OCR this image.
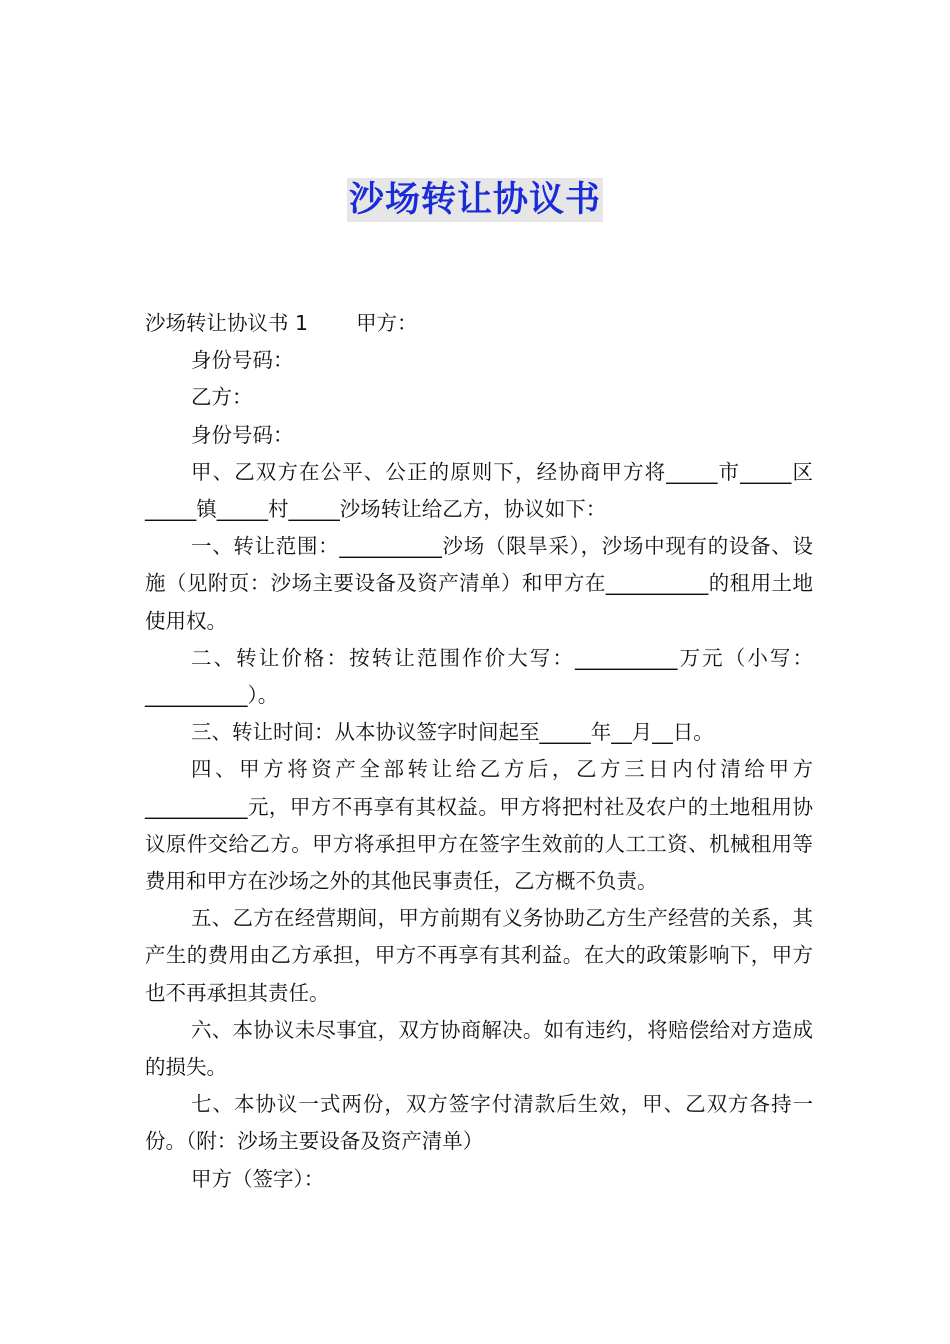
沙场转让协议书

沙场转让协议书 1 甲方：

身份号码：

乙方：

身份号码：

甲、乙双方在公平、公正的原则下，经协商甲方将_____市_____区_____镇_____村_____沙场转让给乙方，协议如下：

一、转让范围：__________沙场（限旱采），沙场中现有的设备、设施（见附页：沙场主要设备及资产清单）和甲方在__________的租用土地使用权。

二、转让价格：按转让范围作价大写：__________万元（小写：__________）。

三、转让时间：从本协议签字时间起至_____年__月__日。

四、甲方将资产全部转让给乙方后，乙方三日内付清给甲方__________元，甲方不再享有其权益。甲方将把村社及农户的土地租用协议原件交给乙方。甲方将承担甲方在签字生效前的人工工资、机械租用等费用和甲方在沙场之外的其他民事责任，乙方概不负责。

五、乙方在经营期间，甲方前期有义务协助乙方生产经营的关系，其产生的费用由乙方承担，甲方不再享有其利益。在大的政策影响下，甲方也不再承担其责任。

六、本协议未尽事宜，双方协商解决。如有违约，将赔偿给对方造成的损失。

七、本协议一式两份，双方签字付清款后生效，甲、乙双方各持一份。（附：沙场主要设备及资产清单）

甲方（签字）：
